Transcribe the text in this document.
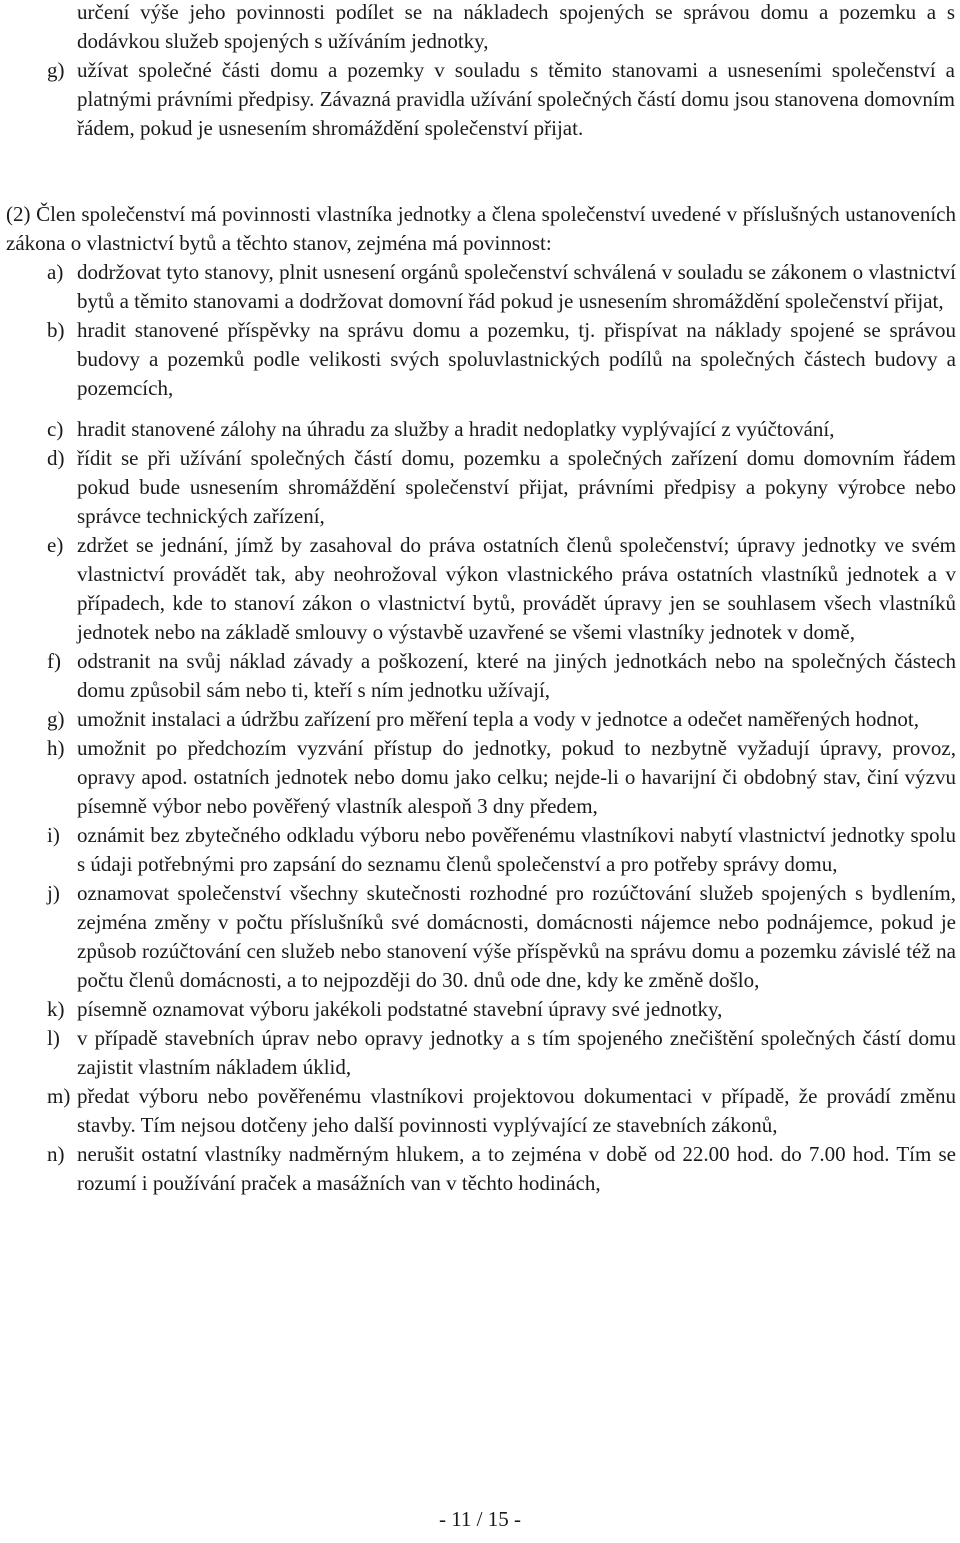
určení výše jeho povinnosti podílet se na nákladech spojených se správou domu a pozemku a s dodávkou služeb spojených s užíváním jednotky,
g) užívat společné části domu a pozemky v souladu s těmito stanovami a usneseními společenství a platnými právními předpisy. Závazná pravidla užívání společných částí domu jsou stanovena domovním řádem, pokud je usnesením shromáždění společenství přijat.
(2) Člen společenství má povinnosti vlastníka jednotky a člena společenství uvedené v příslušných ustanoveních zákona o vlastnictví bytů a těchto stanov, zejména má povinnost:
a) dodržovat tyto stanovy, plnit usnesení orgánů společenství schválená v souladu se zákonem o vlastnictví bytů a těmito stanovami a dodržovat domovní řád pokud je usnesením shromáždění společenství přijat,
b) hradit stanovené příspěvky na správu domu a pozemku, tj. přispívat na náklady spojené se správou budovy a pozemků podle velikosti svých spoluvlastnických podílů na společných částech budovy a pozemcích,
c) hradit stanovené zálohy na úhradu za služby a hradit nedoplatky vyplývající z vyúčtování,
d) řídit se při užívání společných částí domu, pozemku a společných zařízení domu domovním řádem pokud bude usnesením shromáždění společenství přijat, právními předpisy a pokyny výrobce nebo správce technických zařízení,
e) zdržet se jednání, jímž by zasahoval do práva ostatních členů společenství; úpravy jednotky ve svém vlastnictví provádět tak, aby neohrožoval výkon vlastnického práva ostatních vlastníků jednotek a v případech, kde to stanoví zákon o vlastnictví bytů, provádět úpravy jen se souhlasem všech vlastníků jednotek nebo na základě smlouvy o výstavbě uzavřené se všemi vlastníky jednotek v domě,
f) odstranit na svůj náklad závady a poškození, které na jiných jednotkách nebo na společných částech domu způsobil sám nebo ti, kteří s ním jednotku užívají,
g) umožnit instalaci a údržbu zařízení pro měření tepla a vody v jednotce a odečet naměřených hodnot,
h) umožnit po předchozím vyzvání přístup do jednotky, pokud to nezbytně vyžadují úpravy, provoz, opravy apod. ostatních jednotek nebo domu jako celku; nejde-li o havarijní či obdobný stav, činí výzvu písemně výbor nebo pověřený vlastník alespoň 3 dny předem,
i) oznámit bez zbytečného odkladu výboru nebo pověřenému vlastníkovi nabytí vlastnictví jednotky spolu s údaji potřebnými pro zapsání do seznamu členů společenství a pro potřeby správy domu,
j) oznamovat společenství všechny skutečnosti rozhodné pro rozúčtování služeb spojených s bydlením, zejména změny v počtu příslušníků své domácnosti, domácnosti nájemce nebo podnájemce, pokud je způsob rozúčtování cen služeb nebo stanovení výše příspěvků na správu domu a pozemku závislé též na počtu členů domácnosti, a to nejpozději do 30. dnů ode dne, kdy ke změně došlo,
k) písemně oznamovat výboru jakékoli podstatné stavební úpravy své jednotky,
l) v případě stavebních úprav nebo opravy jednotky a s tím spojeného znečištění společných částí domu zajistit vlastním nákladem úklid,
m) předat výboru nebo pověřenému vlastníkovi projektovou dokumentaci v případě, že provádí změnu stavby. Tím nejsou dotčeny jeho další povinnosti vyplývající ze stavebních zákonů,
n) nerušit ostatní vlastníky nadměrným hlukem, a to zejména v době od 22.00 hod. do 7.00 hod. Tím se rozumí i používání praček a masážních van v těchto hodinách,
- 11 / 15 -
